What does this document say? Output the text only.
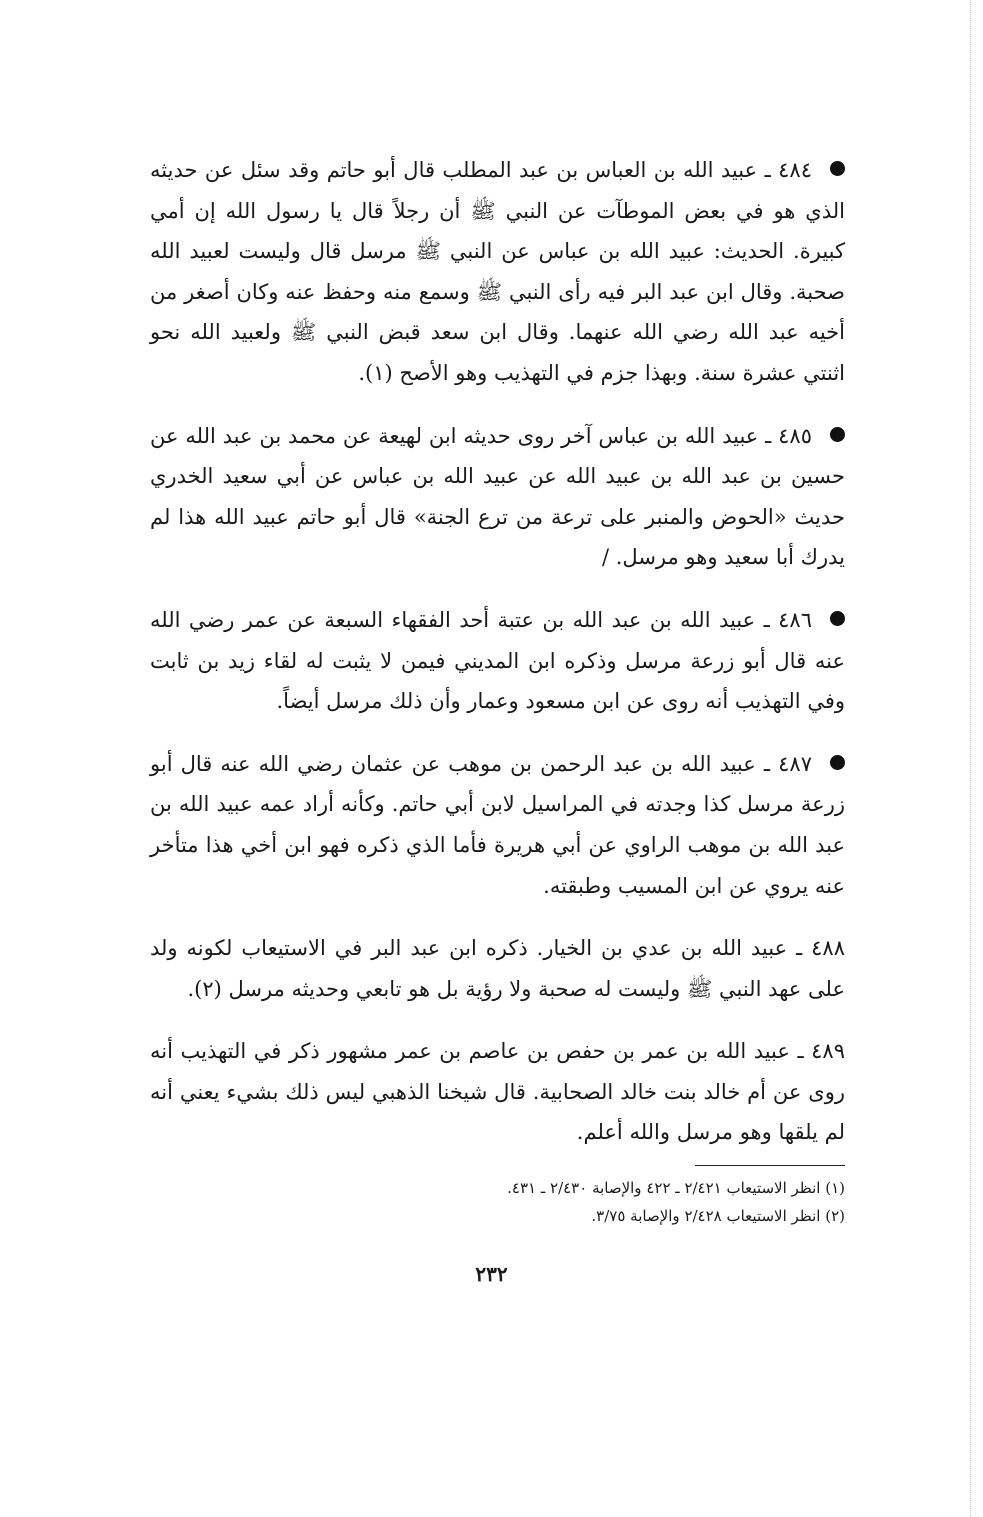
٤٨٤ ـ عبيد الله بن العباس بن عبد المطلب قال أبو حاتم وقد سئل عن حديثه الذي هو في بعض الموطآت عن النبي ﷺ أن رجلاً قال يا رسول الله إن أمي كبيرة. الحديث: عبيد الله بن عباس عن النبي ﷺ مرسل قال وليست لعبيد الله صحبة. وقال ابن عبد البر فيه رأى النبي ﷺ وسمع منه وحفظ عنه وكان أصغر من أخيه عبد الله رضي الله عنهما. وقال ابن سعد قبض النبي ﷺ ولعبيد الله نحو اثنتي عشرة سنة. وبهذا جزم في التهذيب وهو الأصح (١).

٤٨٥ ـ عبيد الله بن عباس آخر روى حديثه ابن لهيعة عن محمد بن عبد الله عن حسين بن عبد الله بن عبيد الله عن عبيد الله بن عباس عن أبي سعيد الخدري حديث «الحوض والمنبر على ترعة من ترع الجنة» قال أبو حاتم عبيد الله هذا لم يدرك أبا سعيد وهو مرسل. /

٤٨٦ ـ عبيد الله بن عبد الله بن عتبة أحد الفقهاء السبعة عن عمر رضي الله عنه قال أبو زرعة مرسل وذكره ابن المديني فيمن لا يثبت له لقاء زيد بن ثابت وفي التهذيب أنه روى عن ابن مسعود وعمار وأن ذلك مرسل أيضاً.

٤٨٧ ـ عبيد الله بن عبد الرحمن بن موهب عن عثمان رضي الله عنه قال أبو زرعة مرسل كذا وجدته في المراسيل لابن أبي حاتم. وكأنه أراد عمه عبيد الله بن عبد الله بن موهب الراوي عن أبي هريرة فأما الذي ذكره فهو ابن أخي هذا متأخر عنه يروي عن ابن المسيب وطبقته.

٤٨٨ ـ عبيد الله بن عدي بن الخيار. ذكره ابن عبد البر في الاستيعاب لكونه ولد على عهد النبي ﷺ وليست له صحبة ولا رؤية بل هو تابعي وحديثه مرسل (٢).

٤٨٩ ـ عبيد الله بن عمر بن حفص بن عاصم بن عمر مشهور ذكر في التهذيب أنه روى عن أم خالد بنت خالد الصحابية. قال شيخنا الذهبي ليس ذلك بشيء يعني أنه لم يلقها وهو مرسل والله أعلم.

(١) انظر الاستيعاب ٢/٤٢١ ـ ٤٢٢ والإصابة ٢/٤٣٠ ـ ٤٣١.
(٢) انظر الاستيعاب ٢/٤٢٨ والإصابة ٣/٧٥.
٢٣٢
